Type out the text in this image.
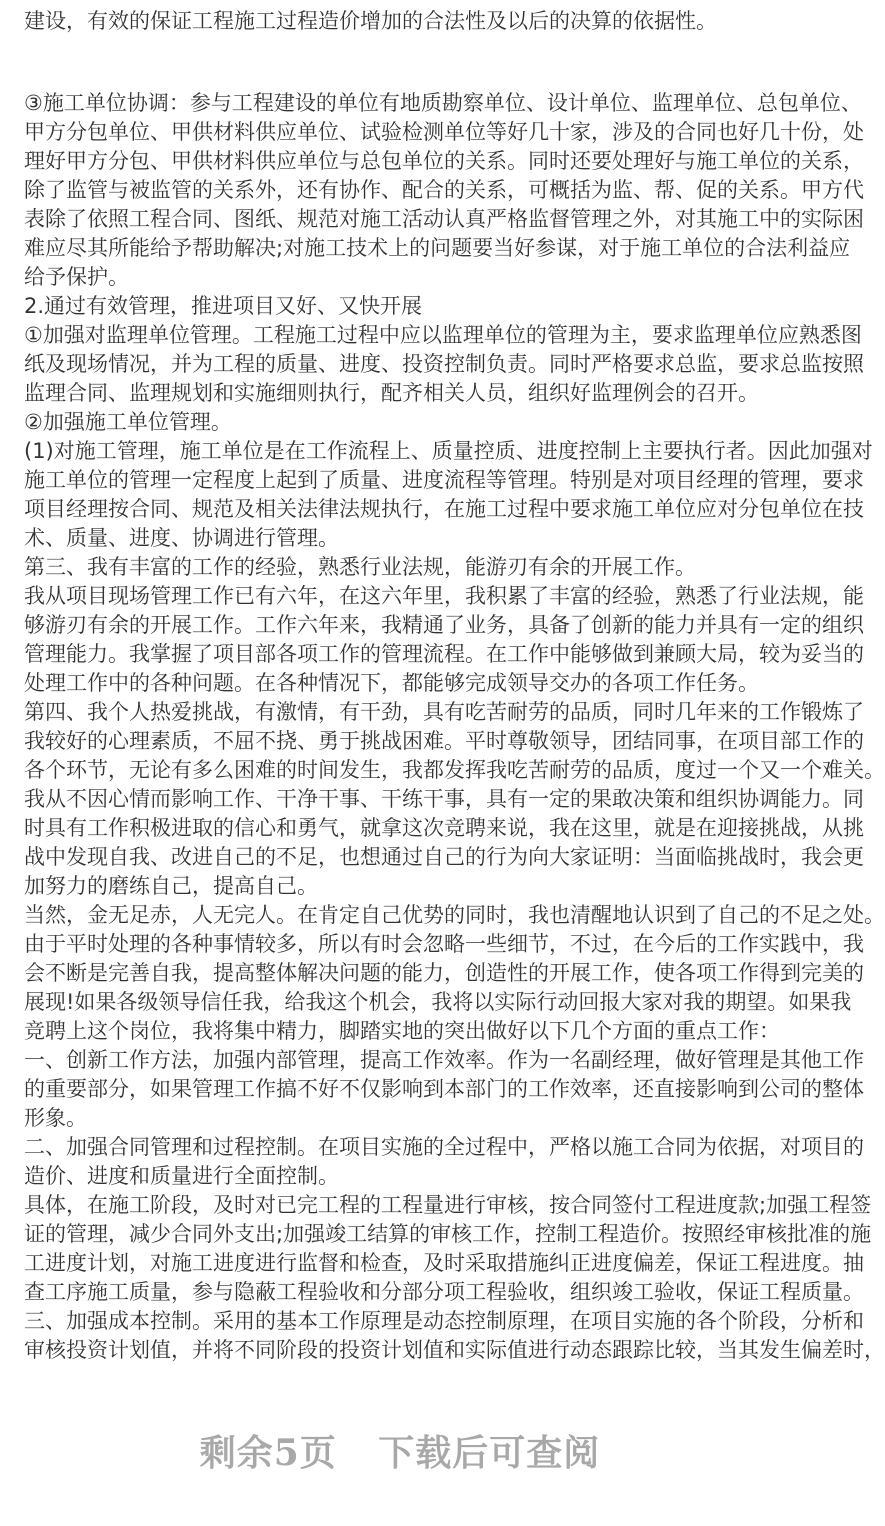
建设，有效的保证工程施工过程造价增加的合法性及以后的决算的依据性。
③施工单位协调：参与工程建设的单位有地质勘察单位、设计单位、监理单位、总包单位、
甲方分包单位、甲供材料供应单位、试验检测单位等好几十家，涉及的合同也好几十份，处
理好甲方分包、甲供材料供应单位与总包单位的关系。同时还要处理好与施工单位的关系，
除了监管与被监管的关系外，还有协作、配合的关系，可概括为监、帮、促的关系。甲方代
表除了依照工程合同、图纸、规范对施工活动认真严格监督管理之外，对其施工中的实际困
难应尽其所能给予帮助解决;对施工技术上的问题要当好参谋，对于施工单位的合法利益应
给予保护。
2.通过有效管理，推进项目又好、又快开展
①加强对监理单位管理。工程施工过程中应以监理单位的管理为主，要求监理单位应熟悉图
纸及现场情况，并为工程的质量、进度、投资控制负责。同时严格要求总监，要求总监按照
监理合同、监理规划和实施细则执行，配齐相关人员，组织好监理例会的召开。
②加强施工单位管理。
(1)对施工管理，施工单位是在工作流程上、质量控质、进度控制上主要执行者。因此加强对
施工单位的管理一定程度上起到了质量、进度流程等管理。特别是对项目经理的管理，要求
项目经理按合同、规范及相关法律法规执行，在施工过程中要求施工单位应对分包单位在技
术、质量、进度、协调进行管理。
第三、我有丰富的工作的经验，熟悉行业法规，能游刃有余的开展工作。
我从项目现场管理工作已有六年，在这六年里，我积累了丰富的经验，熟悉了行业法规，能
够游刃有余的开展工作。工作六年来，我精通了业务，具备了创新的能力并具有一定的组织
管理能力。我掌握了项目部各项工作的管理流程。在工作中能够做到兼顾大局，较为妥当的
处理工作中的各种问题。在各种情况下，都能够完成领导交办的各项工作任务。
第四、我个人热爱挑战，有激情，有干劲，具有吃苦耐劳的品质，同时几年来的工作锻炼了
我较好的心理素质，不屈不挠、勇于挑战困难。平时尊敬领导，团结同事，在项目部工作的
各个环节，无论有多么困难的时间发生，我都发挥我吃苦耐劳的品质，度过一个又一个难关。
我从不因心情而影响工作、干净干事、干练干事，具有一定的果敢决策和组织协调能力。同
时具有工作积极进取的信心和勇气，就拿这次竞聘来说，我在这里，就是在迎接挑战，从挑
战中发现自我、改进自己的不足，也想通过自己的行为向大家证明：当面临挑战时，我会更
加努力的磨练自己，提高自己。
当然，金无足赤，人无完人。在肯定自己优势的同时，我也清醒地认识到了自己的不足之处。
由于平时处理的各种事情较多，所以有时会忽略一些细节，不过，在今后的工作实践中，我
会不断是完善自我，提高整体解决问题的能力，创造性的开展工作，使各项工作得到完美的
展现!如果各级领导信任我，给我这个机会，我将以实际行动回报大家对我的期望。如果我
竞聘上这个岗位，我将集中精力，脚踏实地的突出做好以下几个方面的重点工作：
一、创新工作方法，加强内部管理，提高工作效率。作为一名副经理，做好管理是其他工作
的重要部分，如果管理工作搞不好不仅影响到本部门的工作效率，还直接影响到公司的整体
形象。
二、加强合同管理和过程控制。在项目实施的全过程中，严格以施工合同为依据，对项目的
造价、进度和质量进行全面控制。
具体，在施工阶段，及时对已完工程的工程量进行审核，按合同签付工程进度款;加强工程签
证的管理，减少合同外支出;加强竣工结算的审核工作，控制工程造价。按照经审核批准的施
工进度计划，对施工进度进行监督和检查，及时采取措施纠正进度偏差，保证工程进度。抽
查工序施工质量，参与隐蔽工程验收和分部分项工程验收，组织竣工验收，保证工程质量。
三、加强成本控制。采用的基本工作原理是动态控制原理，在项目实施的各个阶段，分析和
审核投资计划值，并将不同阶段的投资计划值和实际值进行动态跟踪比较，当其发生偏差时，
剩余5页 下载后可查阅
